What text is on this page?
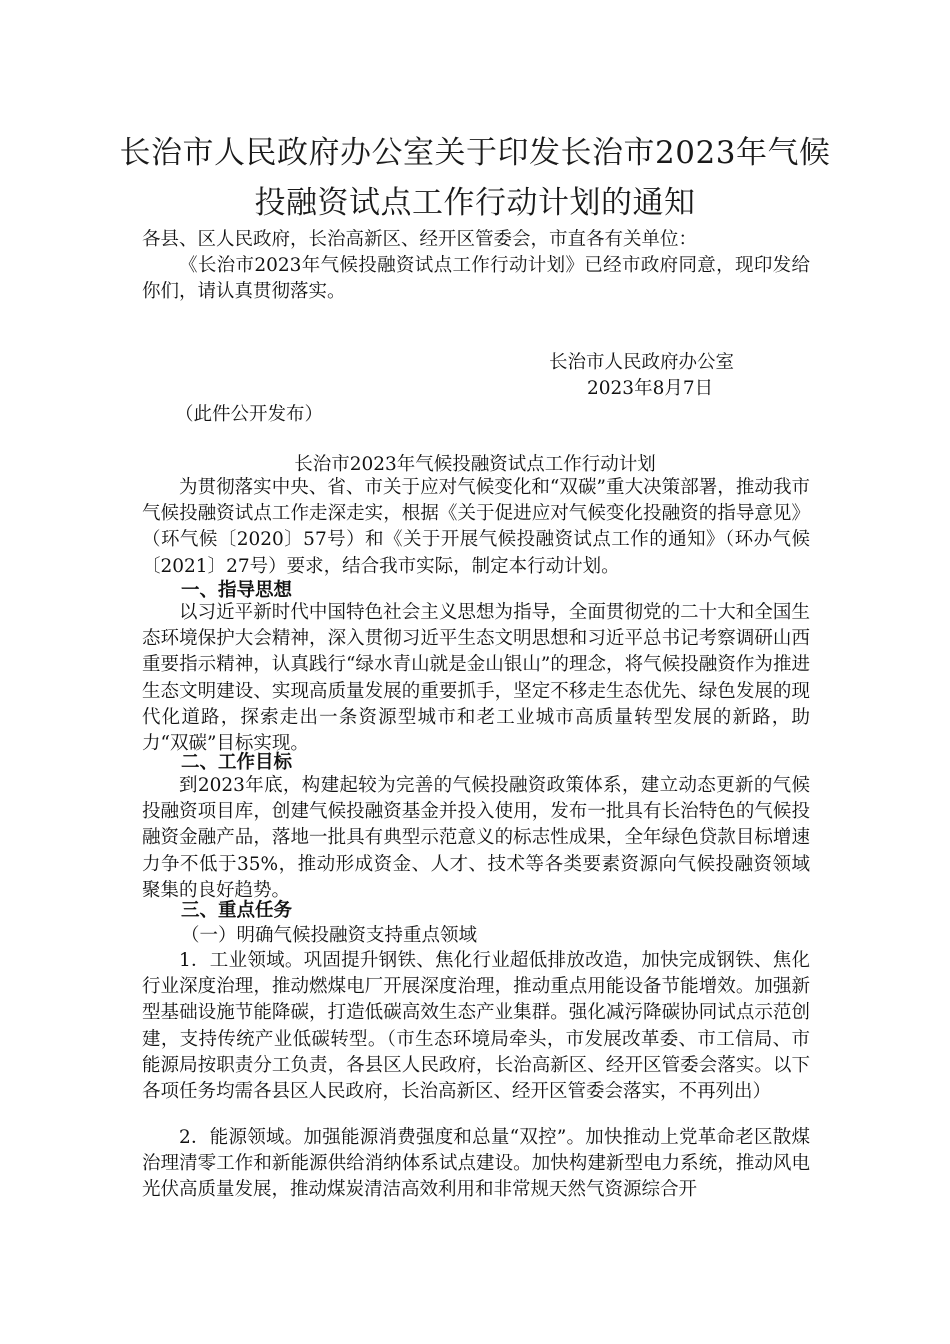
长治市人民政府办公室关于印发长治市2023年气候
投融资试点工作行动计划的通知
各县、区人民政府，长治高新区、经开区管委会，市直各有关单位：

《长治市2023年气候投融资试点工作行动计划》已经市政府同意，现印发给你们，请认真贯彻落实。

长治市人民政府办公室
2023年8月7日
（此件公开发布）
长治市2023年气候投融资试点工作行动计划

为贯彻落实中央、省、市关于应对气候变化和“双碳”重大决策部署，推动我市气候投融资试点工作走深走实，根据《关于促进应对气候变化投融资的指导意见》（环气候〔2020〕57号）和《关于开展气候投融资试点工作的通知》（环办气候〔2021〕27号）要求，结合我市实际，制定本行动计划。

一、指导思想

以习近平新时代中国特色社会主义思想为指导，全面贯彻党的二十大和全国生态环境保护大会精神，深入贯彻习近平生态文明思想和习近平总书记考察调研山西重要指示精神，认真践行“绿水青山就是金山银山”的理念，将气候投融资作为推进生态文明建设、实现高质量发展的重要抓手，坚定不移走生态优先、绿色发展的现代化道路，探索走出一条资源型城市和老工业城市高质量转型发展的新路，助力“双碳”目标实现。

二、工作目标

到2023年底，构建起较为完善的气候投融资政策体系，建立动态更新的气候投融资项目库，创建气候投融资基金并投入使用，发布一批具有长治特色的气候投融资金融产品，落地一批具有典型示范意义的标志性成果，全年绿色贷款目标增速力争不低于35%，推动形成资金、人才、技术等各类要素资源向气候投融资领域聚集的良好趋势。

三、重点任务
（一）明确气候投融资支持重点领域

1．工业领域。巩固提升钢铁、焦化行业超低排放改造，加快完成钢铁、焦化行业深度治理，推动燃煤电厂开展深度治理，推动重点用能设备节能增效。加强新型基础设施节能降碳，打造低碳高效生态产业集群。强化减污降碳协同试点示范创建，支持传统产业低碳转型。（市生态环境局牵头，市发展改革委、市工信局、市能源局按职责分工负责，各县区人民政府，长治高新区、经开区管委会落实。以下各项任务均需各县区人民政府，长治高新区、经开区管委会落实，不再列出）

2．能源领域。加强能源消费强度和总量“双控”。加快推动上党革命老区散煤治理清零工作和新能源供给消纳体系试点建设。加快构建新型电力系统，推动风电光伏高质量发展，推动煤炭清洁高效利用和非常规天然气资源综合开
